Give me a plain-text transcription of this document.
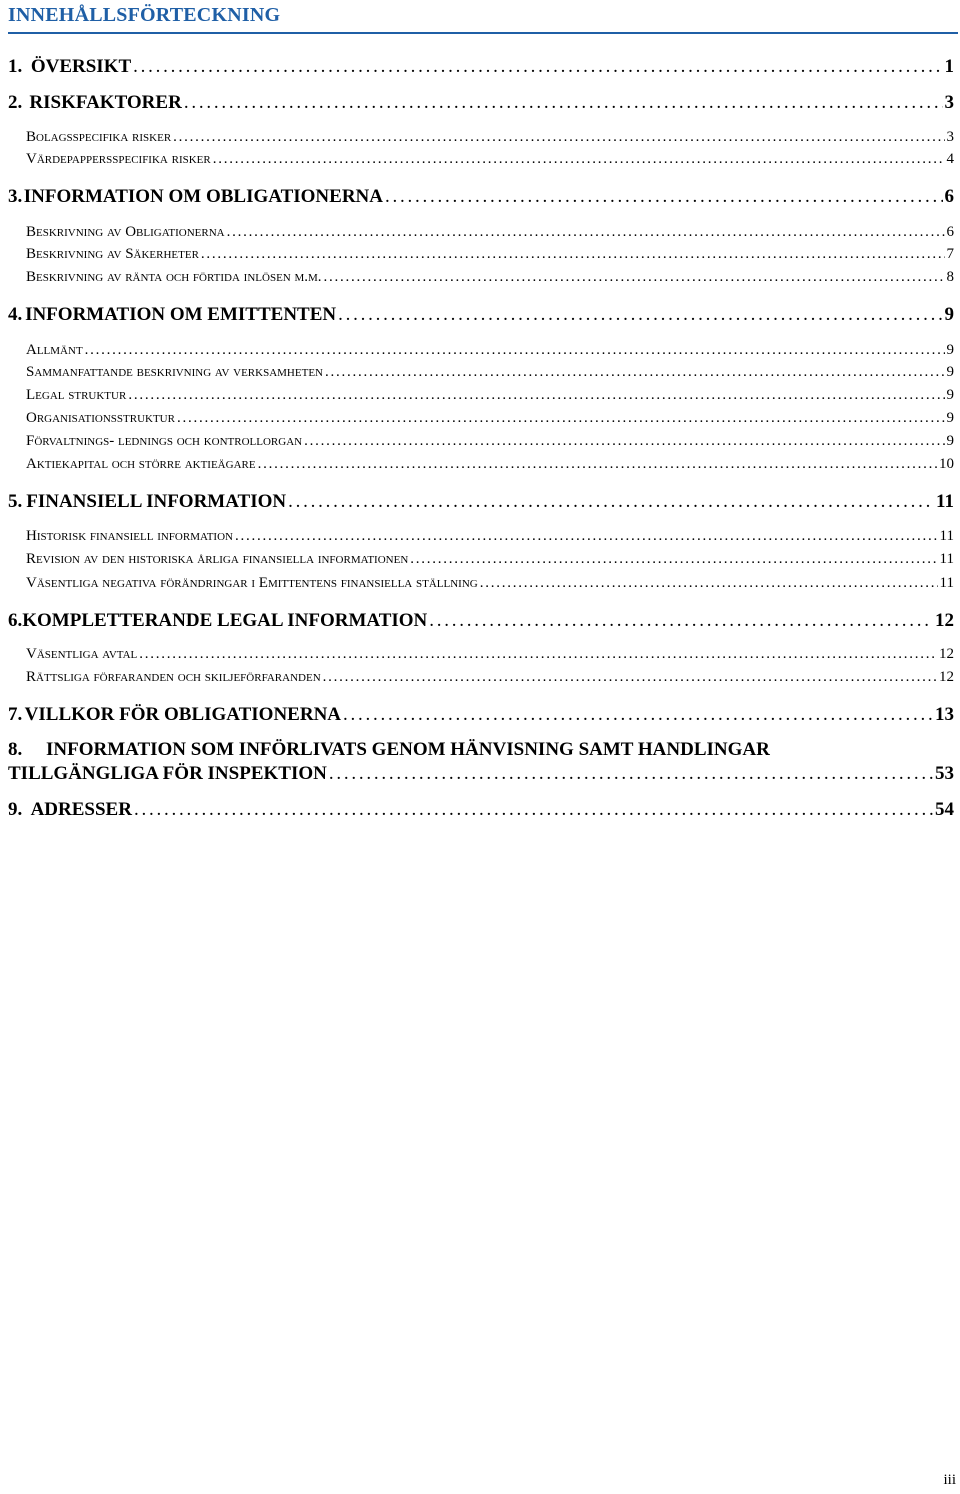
INNEHÅLLSFÖRTECKNING
1. ÖVERSIKT . . .	1
2. RISKFAKTORER . . .	3
Bolagsspecifika risker . . .	3
Värdepappersspecifika risker . . .	4
3. INFORMATION OM OBLIGATIONERNA . . .	6
Beskrivning av Obligationerna . . .	6
Beskrivning av Säkerheter . . .	7
Beskrivning av ränta och förtida inlösen m.m. . . .	8
4. INFORMATION OM EMITTENTEN . . .	9
Allmänt . . .	9
Sammanfattande beskrivning av verksamheten . . .	9
Legal struktur . . .	9
Organisationsstruktur . . .	9
Förvaltnings- lednings och kontrollorgan . . .	9
Aktiekapital och större aktieägare . . .	10
5. FINANSIELL INFORMATION . . .	11
Historisk finansiell information . . .	11
Revision av den historiska årliga finansiella informationen . . .	11
Väsentliga negativa förändringar i Emittentens finansiella ställning . . .	11
6. KOMPLETTERANDE LEGAL INFORMATION . . .	12
Väsentliga avtal . . .	12
Rättsliga förfaranden och skiljeförfaranden . . .	12
7. VILLKOR FÖR OBLIGATIONERNA . . .	13
8. INFORMATION SOM INFÖRLIVATS GENOM HÄNVISNING SAMT HANDLINGAR
TILLGÄNGLIGA FÖR INSPEKTION . . .	53
9. ADRESSER . . .	54
iii
